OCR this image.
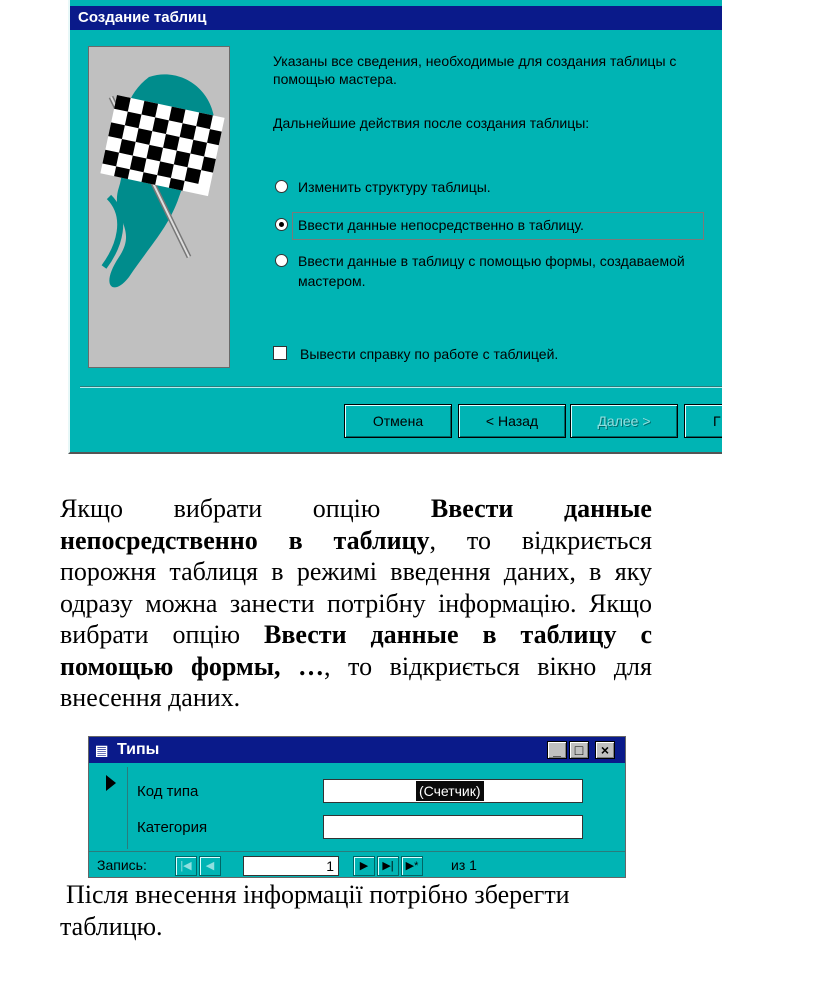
Создание таблиц
Указаны все сведения, необходимые для создания таблицы с
помощью мастера.
Дальнейшие действия после создания таблицы:
Изменить структуру таблицы.
Ввести данные непосредственно в таблицу.
Ввести данные в таблицу с помощью формы, создаваемой
мастером.
Вывести справку по работе с таблицей.
Отмена	< Назад	Далее >	Г
Якщо вибрати опцію Ввести данные непосредственно в таблицу, то відкриється порожня таблиця в режимі введення даних, в яку одразу можна занести потрібну інформацію. Якщо вибрати опцію Ввести данные в таблицу с помощью формы, …, то відкриється вікно для внесення даних.
▤ Типы	_ □	×
Код типа	(Счетчик)
Категория
Запись:	|◀	◀	1	▶	▶|	▶*	из 1
Після внесення інформації потрібно зберегти таблицю.
